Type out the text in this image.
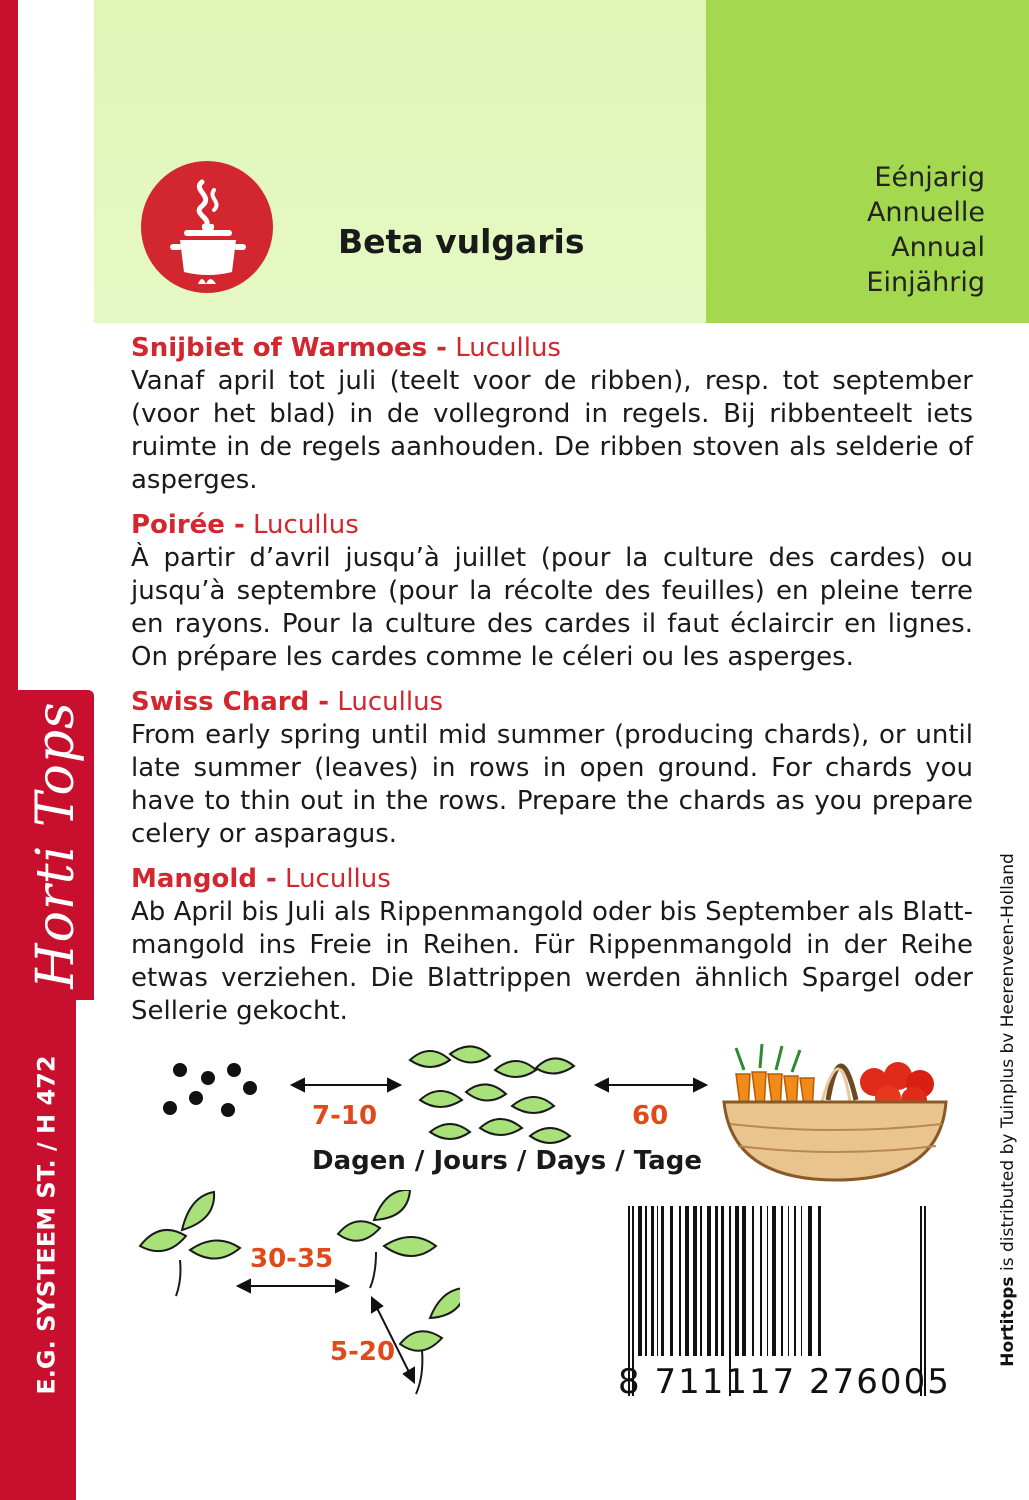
Horti Tops
E.G. SYSTEEM ST. / H 472
Eénjarig
Annuelle
Annual
Einjährig
Beta vulgaris
Snijbiet of Warmoes - Lucullus
Vanaf april tot juli (teelt voor de ribben), resp. tot september (voor het blad) in de vollegrond in regels. Bij ribbenteelt iets ruimte in de regels aanhouden. De ribben stoven als selderie of asperges.
Poirée - Lucullus
À partir d’avril jusqu’à juillet (pour la culture des cardes) ou jusqu’à septembre (pour la récolte des feuilles) en pleine terre en rayons. Pour la culture des cardes il faut éclaircir en lignes. On prépare les cardes comme le céleri ou les asperges.
Swiss Chard - Lucullus
From early spring until mid summer (producing chards), or until late summer (leaves) in rows in open ground. For chards you have to thin out in the rows. Prepare the chards as you prepare celery or asparagus.
Mangold - Lucullus
Ab April bis Juli als Rippenmangold oder bis September als Blatt-mangold ins Freie in Reihen. Für Rippenmangold in der Reihe etwas verziehen. Die Blattrippen werden ähnlich Spargel oder Sellerie gekocht.
7-10	60
Dagen / Jours / Days / Tage
30-35
5-20
8 711117 276005
Hortitops is distributed by Tuinplus bv Heerenveen-Holland
